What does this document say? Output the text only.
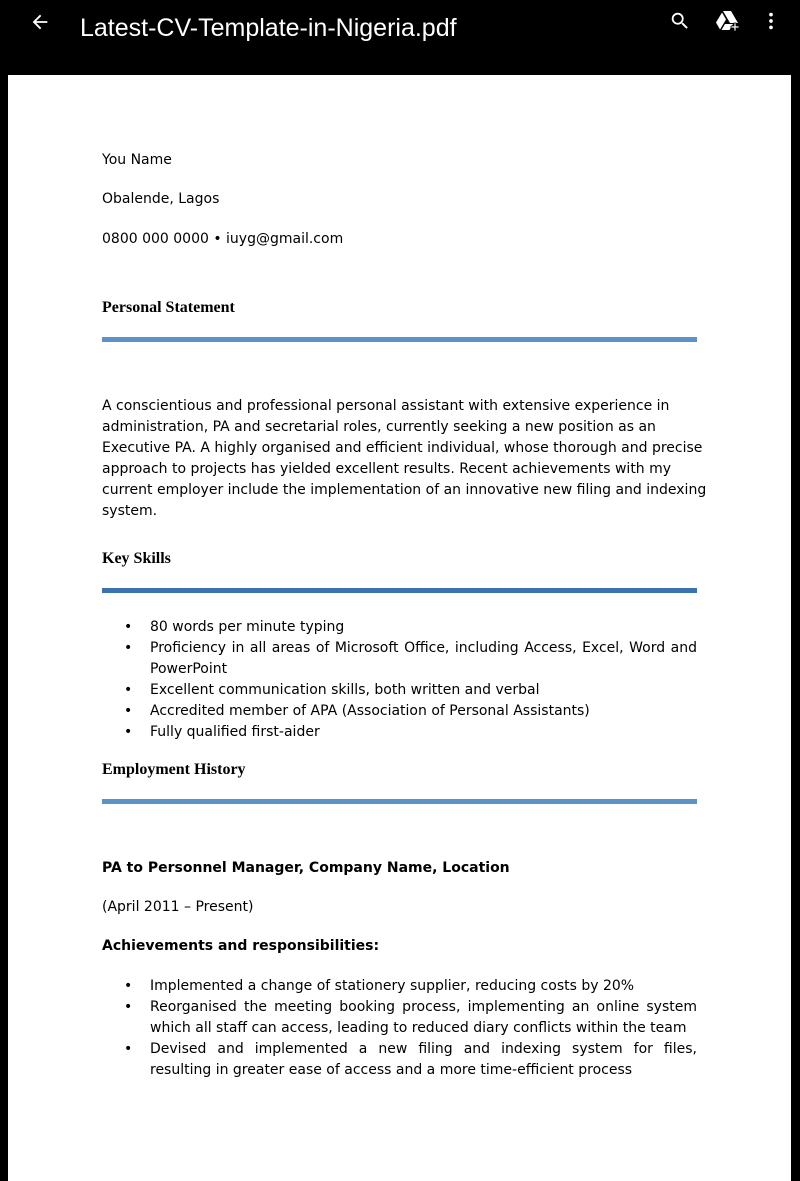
Latest-CV-Template-in-Nigeria.pdf
You Name
Obalende, Lagos
0800 000 0000 • iuyg@gmail.com
Personal Statement
A conscientious and professional personal assistant with extensive experience in administration, PA and secretarial roles, currently seeking a new position as an Executive PA. A highly organised and efficient individual, whose thorough and precise approach to projects has yielded excellent results. Recent achievements with my current employer include the implementation of an innovative new filing and indexing system.
Key Skills
• 80 words per minute typing
• Proficiency in all areas of Microsoft Office, including Access, Excel, Word and PowerPoint
• Excellent communication skills, both written and verbal
• Accredited member of APA (Association of Personal Assistants)
• Fully qualified first-aider
Employment History
PA to Personnel Manager, Company Name, Location
(April 2011 – Present)
Achievements and responsibilities:
• Implemented a change of stationery supplier, reducing costs by 20%
• Reorganised the meeting booking process, implementing an online system which all staff can access, leading to reduced diary conflicts within the team
• Devised and implemented a new filing and indexing system for files, resulting in greater ease of access and a more time-efficient process
